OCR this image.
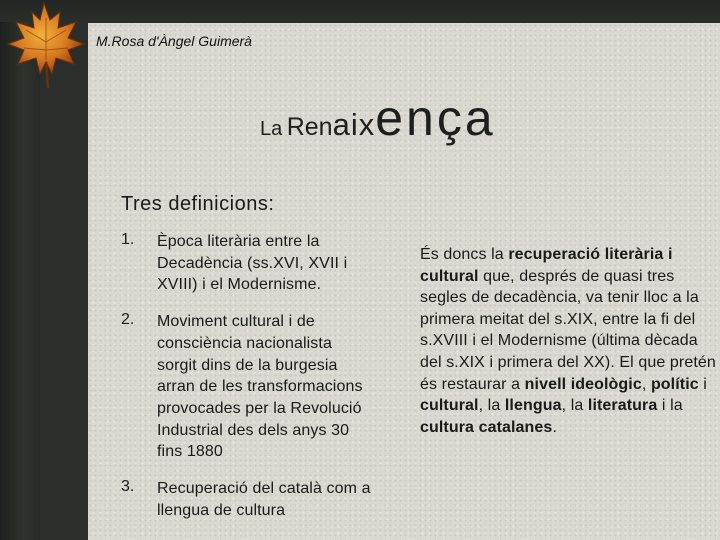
M.Rosa d'Àngel Guimerà
La Renaixença
Tres definicions:
1.	Època literària entre la Decadència (ss.XVI, XVII i XVIII) i el Modernisme.
2.	Moviment cultural i de consciència nacionalista sorgit dins de la burgesia arran de les transformacions provocades per la Revolució Industrial des dels anys 30 fins 1880
3.	Recuperació del català com a llengua de cultura
És doncs la recuperació literària i cultural que, després de quasi tres segles de decadència, va tenir lloc a la primera meitat del s.XIX, entre la fi del s.XVIII i el Modernisme (última dècada del s.XIX i primera del XX). El que pretén és restaurar a nivell ideològic, polític i cultural, la llengua, la literatura i la cultura catalanes.
